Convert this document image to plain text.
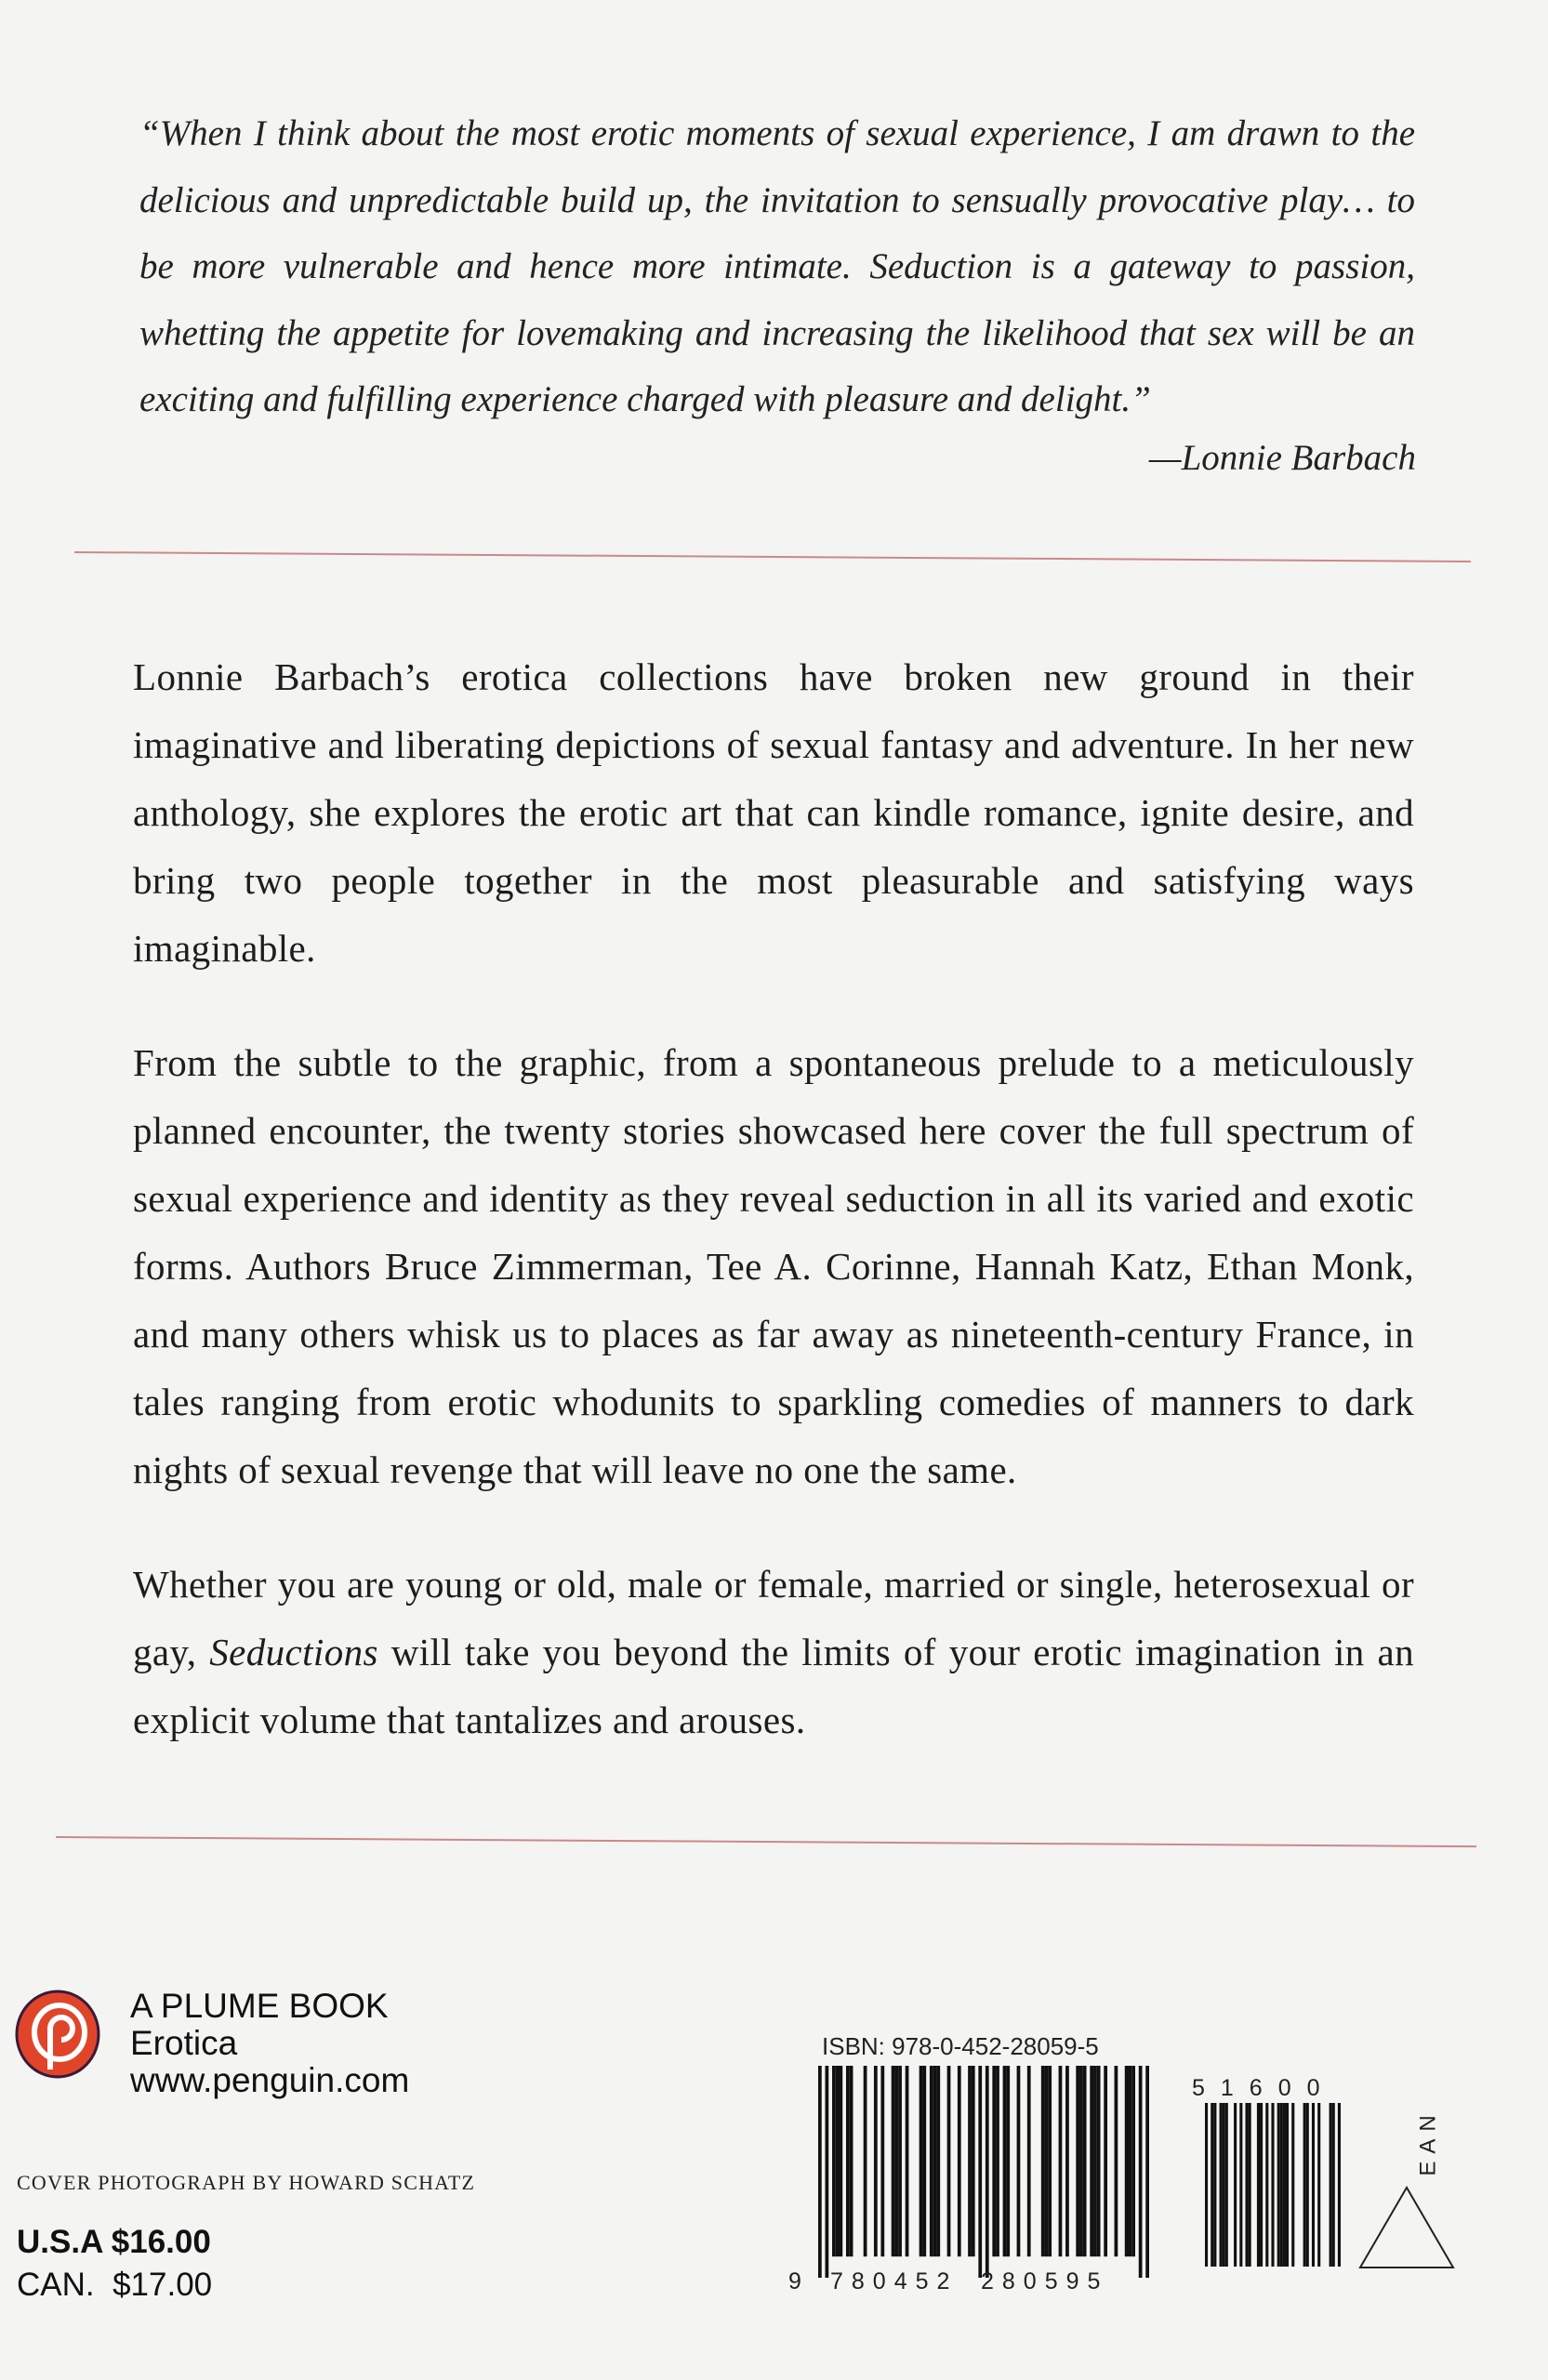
“When I think about the most erotic moments of sexual experience, I am drawn to the delicious and unpredictable build up, the invitation to sensually provocative play… to be more vulnerable and hence more intimate. Seduction is a gateway to passion, whetting the appetite for lovemaking and increasing the likelihood that sex will be an exciting and fulfilling experience charged with pleasure and delight.”
—Lonnie Barbach

Lonnie Barbach’s erotica collections have broken new ground in their imaginative and liberating depictions of sexual fantasy and adventure. In her new anthology, she explores the erotic art that can kindle romance, ignite desire, and bring two people together in the most pleasurable and satisfying ways imaginable.

From the subtle to the graphic, from a spontaneous prelude to a meticulously planned encounter, the twenty stories showcased here cover the full spectrum of sexual experience and identity as they reveal seduction in all its varied and exotic forms. Authors Bruce Zimmerman, Tee A. Corinne, Hannah Katz, Ethan Monk, and many others whisk us to places as far away as nineteenth-century France, in tales ranging from erotic whodunits to sparkling comedies of manners to dark nights of sexual revenge that will leave no one the same.

Whether you are young or old, male or female, married or single, heterosexual or gay, Seductions will take you beyond the limits of your erotic imagination in an explicit volume that tantalizes and arouses.

A PLUME BOOK
Erotica
www.penguin.com
COVER PHOTOGRAPH BY HOWARD SCHATZ
U.S.A $16.00
CAN.  $17.00
ISBN: 978-0-452-28059-5
9 780452 280595
51600
EAN
